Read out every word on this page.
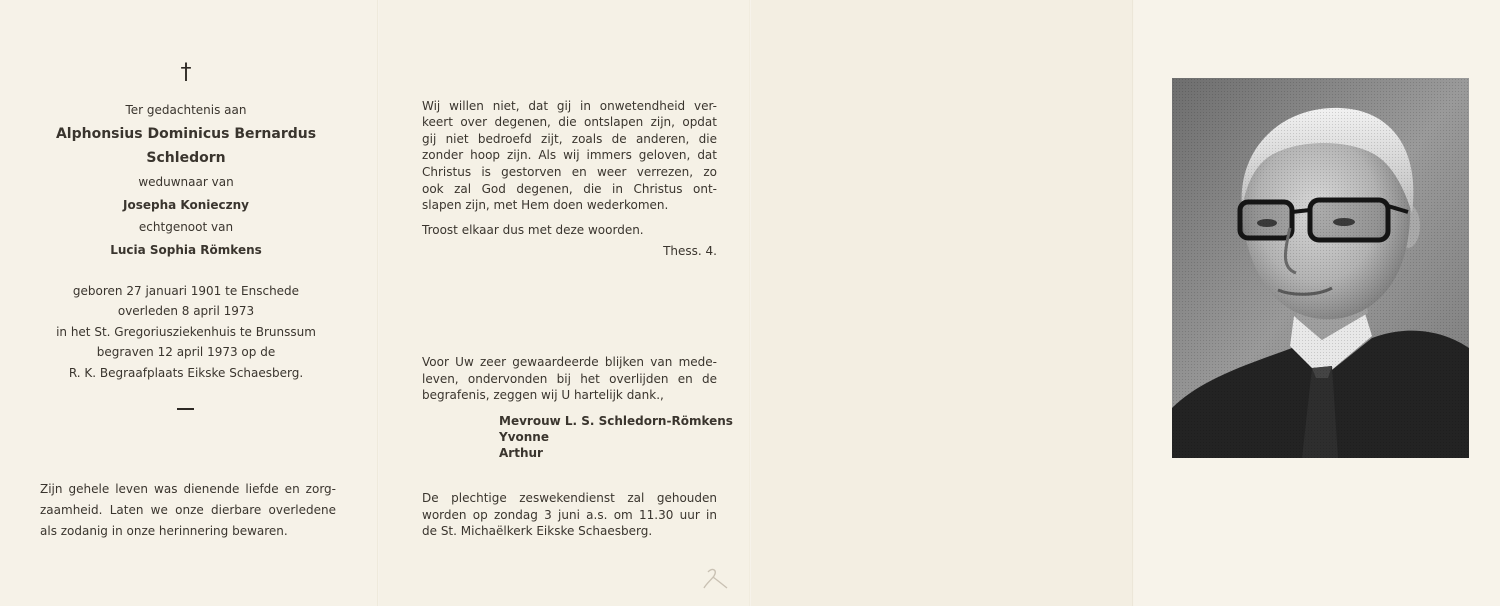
†
Ter gedachtenis aan
Alphonsius Dominicus Bernardus
Schledorn
weduwnaar van
Josepha Konieczny
echtgenoot van
Lucia Sophia Römkens
geboren 27 januari 1901 te Enschede
overleden 8 april 1973
in het St. Gregoriusziekenhuis te Brunssum
begraven 12 april 1973 op de
R. K. Begraafplaats Eikske Schaesberg.
Zijn gehele leven was dienende liefde en zorg-
zaamheid. Laten we onze dierbare overledene
als zodanig in onze herinnering bewaren.
Wij willen niet, dat gij in onwetendheid ver-
keert over degenen, die ontslapen zijn, opdat
gij niet bedroefd zijt, zoals de anderen, die
zonder hoop zijn. Als wij immers geloven, dat
Christus is gestorven en weer verrezen, zo
ook zal God degenen, die in Christus ont-
slapen zijn, met Hem doen wederkomen.
Troost elkaar dus met deze woorden.
Thess. 4.
Voor Uw zeer gewaardeerde blijken van mede-
leven, ondervonden bij het overlijden en de
begrafenis, zeggen wij U hartelijk dank.,
Mevrouw L. S. Schledorn-Römkens
Yvonne
Arthur
De plechtige zeswekendienst zal gehouden
worden op zondag 3 juni a.s. om 11.30 uur in
de St. Michaëlkerk Eikske Schaesberg.
